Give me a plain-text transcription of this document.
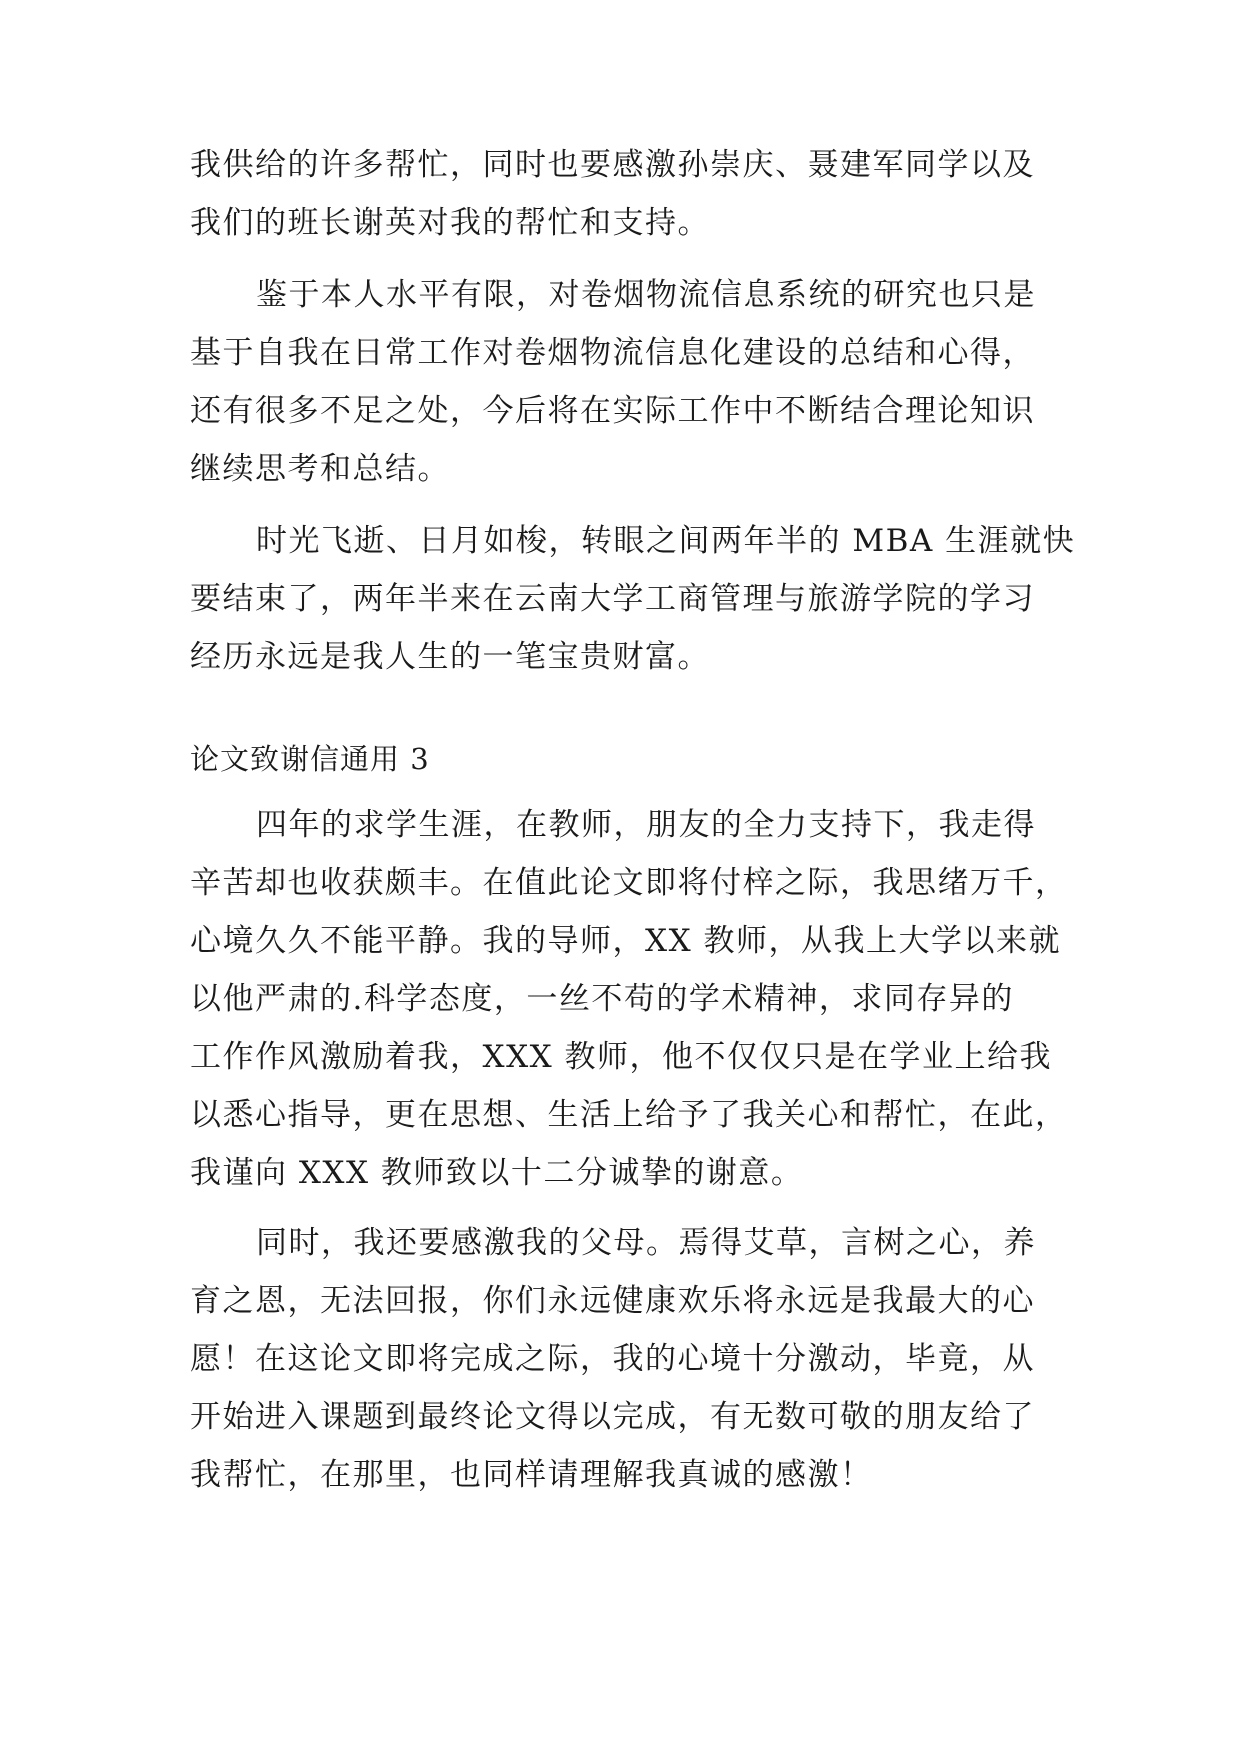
我供给的许多帮忙，同时也要感激孙崇庆、聂建军同学以及
我们的班长谢英对我的帮忙和支持。
鉴于本人水平有限，对卷烟物流信息系统的研究也只是
基于自我在日常工作对卷烟物流信息化建设的总结和心得，
还有很多不足之处，今后将在实际工作中不断结合理论知识
继续思考和总结。
时光飞逝、日月如梭，转眼之间两年半的 MBA 生涯就快
要结束了，两年半来在云南大学工商管理与旅游学院的学习
经历永远是我人生的一笔宝贵财富。
论文致谢信通用 3
四年的求学生涯，在教师，朋友的全力支持下，我走得
辛苦却也收获颇丰。在值此论文即将付梓之际，我思绪万千，
心境久久不能平静。我的导师，XX 教师，从我上大学以来就
以他严肃的.科学态度，一丝不苟的学术精神，求同存异的
工作作风激励着我，XXX 教师，他不仅仅只是在学业上给我
以悉心指导，更在思想、生活上给予了我关心和帮忙，在此，
我谨向 XXX 教师致以十二分诚挚的谢意。
同时，我还要感激我的父母。焉得艾草，言树之心，养
育之恩，无法回报，你们永远健康欢乐将永远是我最大的心
愿！在这论文即将完成之际，我的心境十分激动，毕竟，从
开始进入课题到最终论文得以完成，有无数可敬的朋友给了
我帮忙，在那里，也同样请理解我真诚的感激！
